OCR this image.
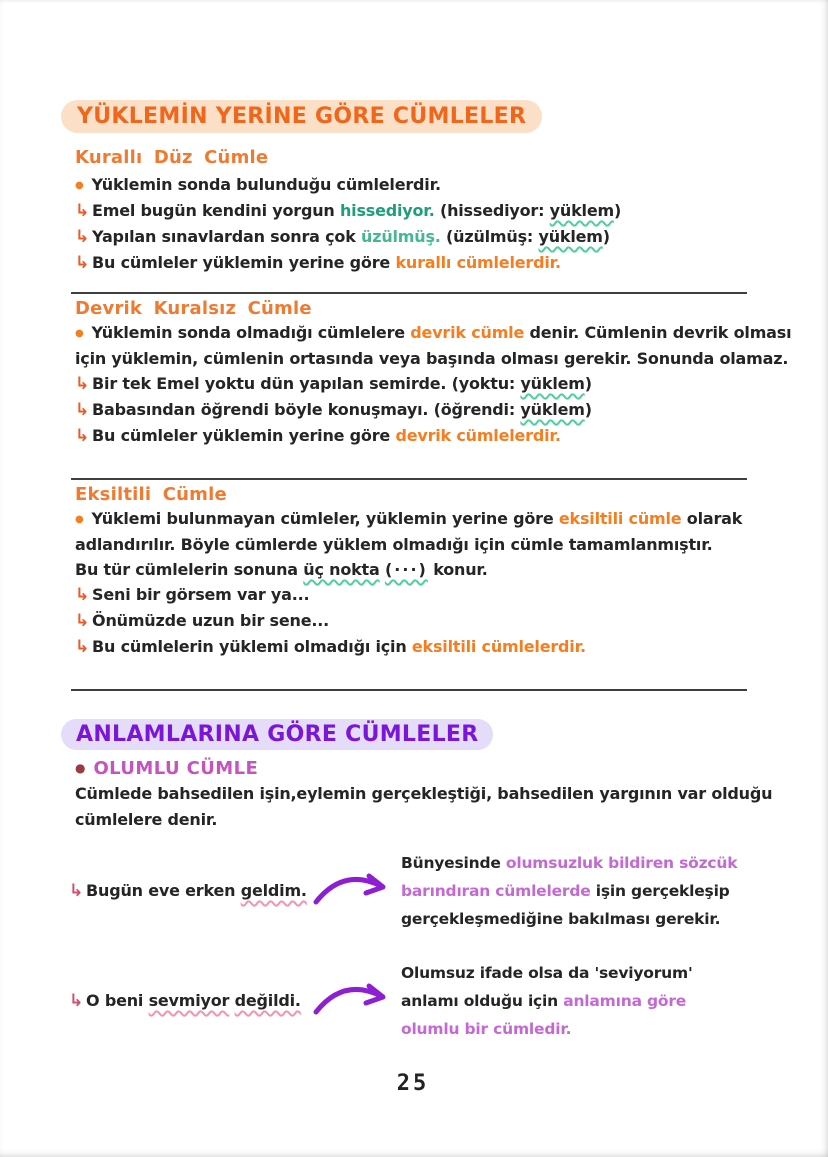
YÜKLEMİN YERİNE GÖRE CÜMLELER
Kurallı Düz Cümle
● Yüklemin sonda bulunduğu cümlelerdir.
↳ Emel bugün kendini yorgun hissediyor. (hissediyor: yüklem)
↳ Yapılan sınavlardan sonra çok üzülmüş. (üzülmüş: yüklem)
↳ Bu cümleler yüklemin yerine göre kurallı cümlelerdir.
Devrik Kuralsız Cümle
● Yüklemin sonda olmadığı cümlelere devrik cümle denir. Cümlenin devrik olması
için yüklemin, cümlenin ortasında veya başında olması gerekir. Sonunda olamaz.
↳ Bir tek Emel yoktu dün yapılan semirde. (yoktu: yüklem)
↳ Babasından öğrendi böyle konuşmayı. (öğrendi: yüklem)
↳ Bu cümleler yüklemin yerine göre devrik cümlelerdir.
Eksiltili Cümle
● Yüklemi bulunmayan cümleler, yüklemin yerine göre eksiltili cümle olarak
adlandırılır. Böyle cümlerde yüklem olmadığı için cümle tamamlanmıştır.
Bu tür cümlelerin sonuna üç nokta (···) konur.
↳ Seni bir görsem var ya...
↳ Önümüzde uzun bir sene...
↳ Bu cümlelerin yüklemi olmadığı için eksiltili cümlelerdir.
ANLAMLARINA GÖRE CÜMLELER
● OLUMLU CÜMLE
Cümlede bahsedilen işin,eylemin gerçekleştiği, bahsedilen yargının var olduğu
cümlelere denir.
↳ Bugün eve erken geldim.
Bünyesinde olumsuzluk bildiren sözcük
barındıran cümlelerde işin gerçekleşip
gerçekleşmediğine bakılması gerekir.
↳ O beni sevmiyor değildi.
Olumsuz ifade olsa da 'seviyorum'
anlamı olduğu için anlamına göre
olumlu bir cümledir.
25
